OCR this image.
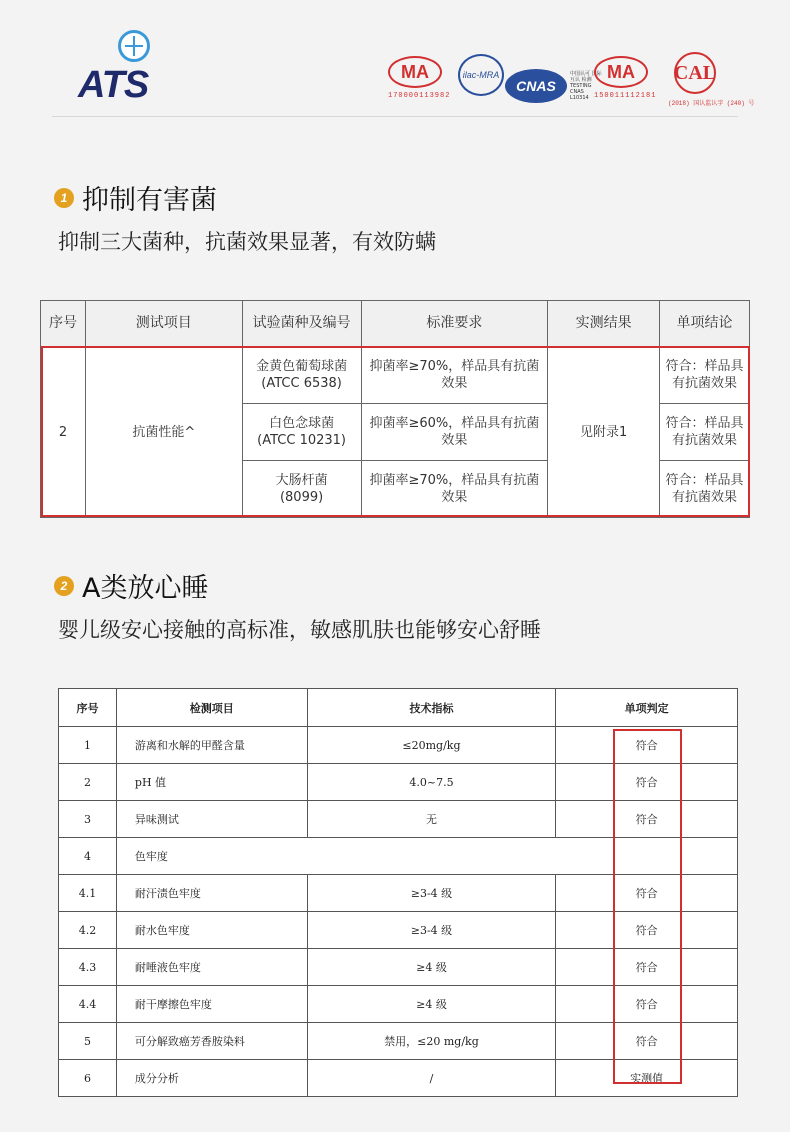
ATS	MA
170000113982
ilac-MRA
CNAS
中国认可 国际互认 检测 TESTING CNAS L10314
MA
150011112181
CAL
(2018) 国认监认字 (240) 号
1 抑制有害菌
抑制三大菌种，抗菌效果显著，有效防螨
序号	测试项目	试验菌种及编号	标准要求	实测结果	单项结论
2	抗菌性能^	金黄色葡萄球菌
(ATCC 6538)	抑菌率≥70%，样品具有抗菌效果	见附录1	符合：样品具有抗菌效果
		白色念球菌
(ATCC 10231)	抑菌率≥60%，样品具有抗菌效果		符合：样品具有抗菌效果
		大肠杆菌
(8099)	抑菌率≥70%，样品具有抗菌效果		符合：样品具有抗菌效果
2 A类放心睡
婴儿级安心接触的高标准，敏感肌肤也能够安心舒睡
序号	检测项目	技术指标	单项判定
1	游离和水解的甲醛含量	≤20mg/kg	符合
2	pH 值	4.0~7.5	符合
3	异味测试	无	符合
4	色牢度		
4.1	耐汗渍色牢度	≥3-4 级	符合
4.2	耐水色牢度	≥3-4 级	符合
4.3	耐唾液色牢度	≥4 级	符合
4.4	耐干摩擦色牢度	≥4 级	符合
5	可分解致癌芳香胺染料	禁用，≤20 mg/kg	符合
6	成分分析	/	实测值
